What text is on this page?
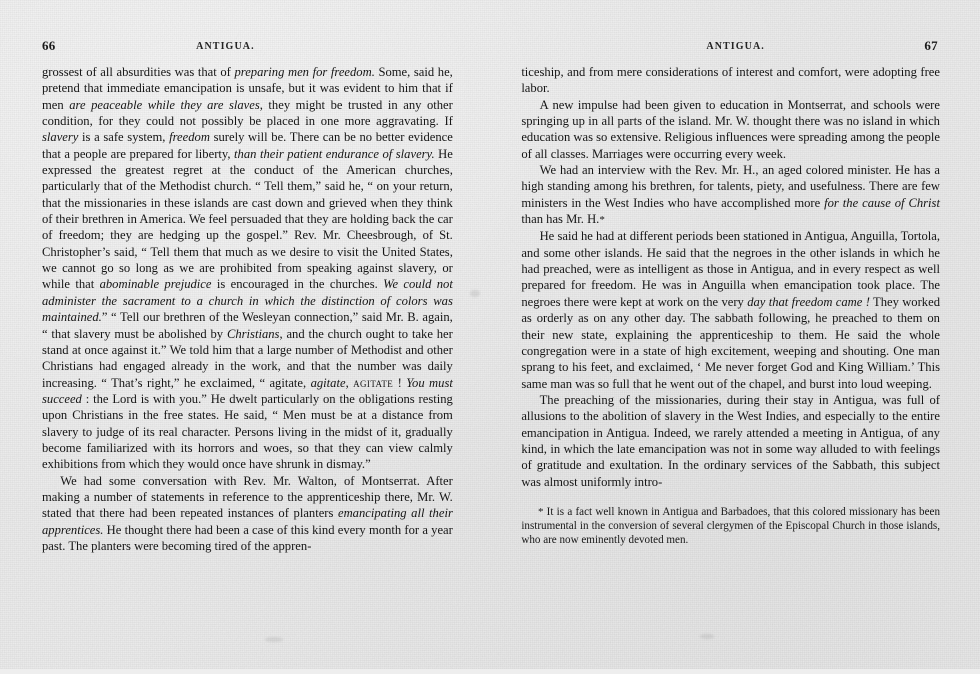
66	ANTIGUA.

grossest of all absurdities was that of preparing men for freedom. Some, said he, pretend that immediate emancipation is unsafe, but it was evident to him that if men are peaceable while they are slaves, they might be trusted in any other condition, for they could not possibly be placed in one more aggravating. If slavery is a safe system, freedom surely will be. There can be no better evidence that a people are prepared for liberty, than their patient endurance of slavery. He expressed the greatest regret at the conduct of the American churches, particularly that of the Methodist church. “ Tell them,” said he, “ on your return, that the missionaries in these islands are cast down and grieved when they think of their brethren in America. We feel persuaded that they are holding back the car of freedom; they are hedging up the gospel.” Rev. Mr. Cheesbrough, of St. Christopher’s said, “ Tell them that much as we desire to visit the United States, we cannot go so long as we are prohibited from speaking against slavery, or while that abominable prejudice is encouraged in the churches. We could not administer the sacrament to a church in which the distinction of colors was maintained.” “ Tell our brethren of the Wesleyan connection,” said Mr. B. again, “ that slavery must be abolished by Christians, and the church ought to take her stand at once against it.” We told him that a large number of Methodist and other Christians had engaged already in the work, and that the number was daily increasing. “ That’s right,” he exclaimed, “ agitate, agitate, agitate ! You must succeed : the Lord is with you.” He dwelt particularly on the obligations resting upon Christians in the free states. He said, “ Men must be at a distance from slavery to judge of its real character. Persons living in the midst of it, gradually become familiarized with its horrors and woes, so that they can view calmly exhibitions from which they would once have shrunk in dismay.”

We had some conversation with Rev. Mr. Walton, of Montserrat. After making a number of statements in reference to the apprenticeship there, Mr. W. stated that there had been repeated instances of planters emancipating all their apprentices. He thought there had been a case of this kind every month for a year past. The planters were becoming tired of the appren-

ANTIGUA.	67

ticeship, and from mere considerations of interest and comfort, were adopting free labor.

A new impulse had been given to education in Montserrat, and schools were springing up in all parts of the island. Mr. W. thought there was no island in which education was so extensive. Religious influences were spreading among the people of all classes. Marriages were occurring every week.

We had an interview with the Rev. Mr. H., an aged colored minister. He has a high standing among his brethren, for talents, piety, and usefulness. There are few ministers in the West Indies who have accomplished more for the cause of Christ than has Mr. H.*

He said he had at different periods been stationed in Antigua, Anguilla, Tortola, and some other islands. He said that the negroes in the other islands in which he had preached, were as intelligent as those in Antigua, and in every respect as well prepared for freedom. He was in Anguilla when emancipation took place. The negroes there were kept at work on the very day that freedom came ! They worked as orderly as on any other day. The sabbath following, he preached to them on their new state, explaining the apprenticeship to them. He said the whole congregation were in a state of high excitement, weeping and shouting. One man sprang to his feet, and exclaimed, ‘ Me never forget God and King William.’ This same man was so full that he went out of the chapel, and burst into loud weeping.

The preaching of the missionaries, during their stay in Antigua, was full of allusions to the abolition of slavery in the West Indies, and especially to the entire emancipation in Antigua. Indeed, we rarely attended a meeting in Antigua, of any kind, in which the late emancipation was not in some way alluded to with feelings of gratitude and exultation. In the ordinary services of the Sabbath, this subject was almost uniformly intro-

* It is a fact well known in Antigua and Barbadoes, that this colored missionary has been instrumental in the conversion of several clergymen of the Episcopal Church in those islands, who are now eminently devoted men.
